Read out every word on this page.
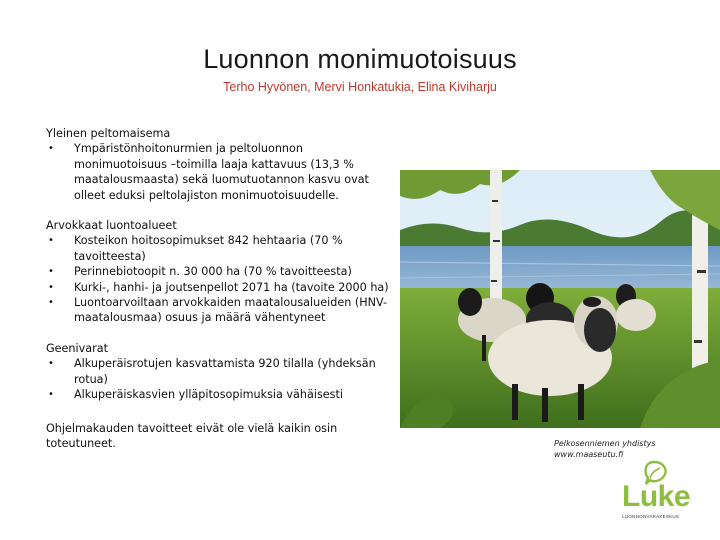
Luonnon monimuotoisuus
Terho Hyvönen, Mervi Honkatukia, Elina Kiviharju
Yleinen peltomaisema
• Ympäristönhoitonurmien ja peltoluonnon monimuotoisuus –toimilla laaja kattavuus (13,3 % maatalousmaasta) sekä luomutuotannon kasvu ovat olleet eduksi peltolajiston monimuotoisuudelle.
Arvokkaat luontoalueet
• Kosteikon hoitosopimukset 842 hehtaaria (70 % tavoitteesta)
• Perinnebiotoopit n. 30 000 ha (70 % tavoitteesta)
• Kurki-, hanhi- ja joutsenpellot 2071 ha (tavoite 2000 ha)
• Luontoarvoiltaan arvokkaiden maatalousalueiden (HNV-maatalousmaa) osuus ja määrä vähentyneet
Geenivarat
• Alkuperäisrotujen kasvattamista 920 tilalla (yhdeksän rotua)
• Alkuperäiskasvien ylläpitosopimuksia vähäisesti
Ohjelmakauden tavoitteet eivät ole vielä kaikin osin toteutuneet.	Pelkosenniemen yhdistys
www.maaseutu.fi
Luke
LUONNONVARAKESKUS
